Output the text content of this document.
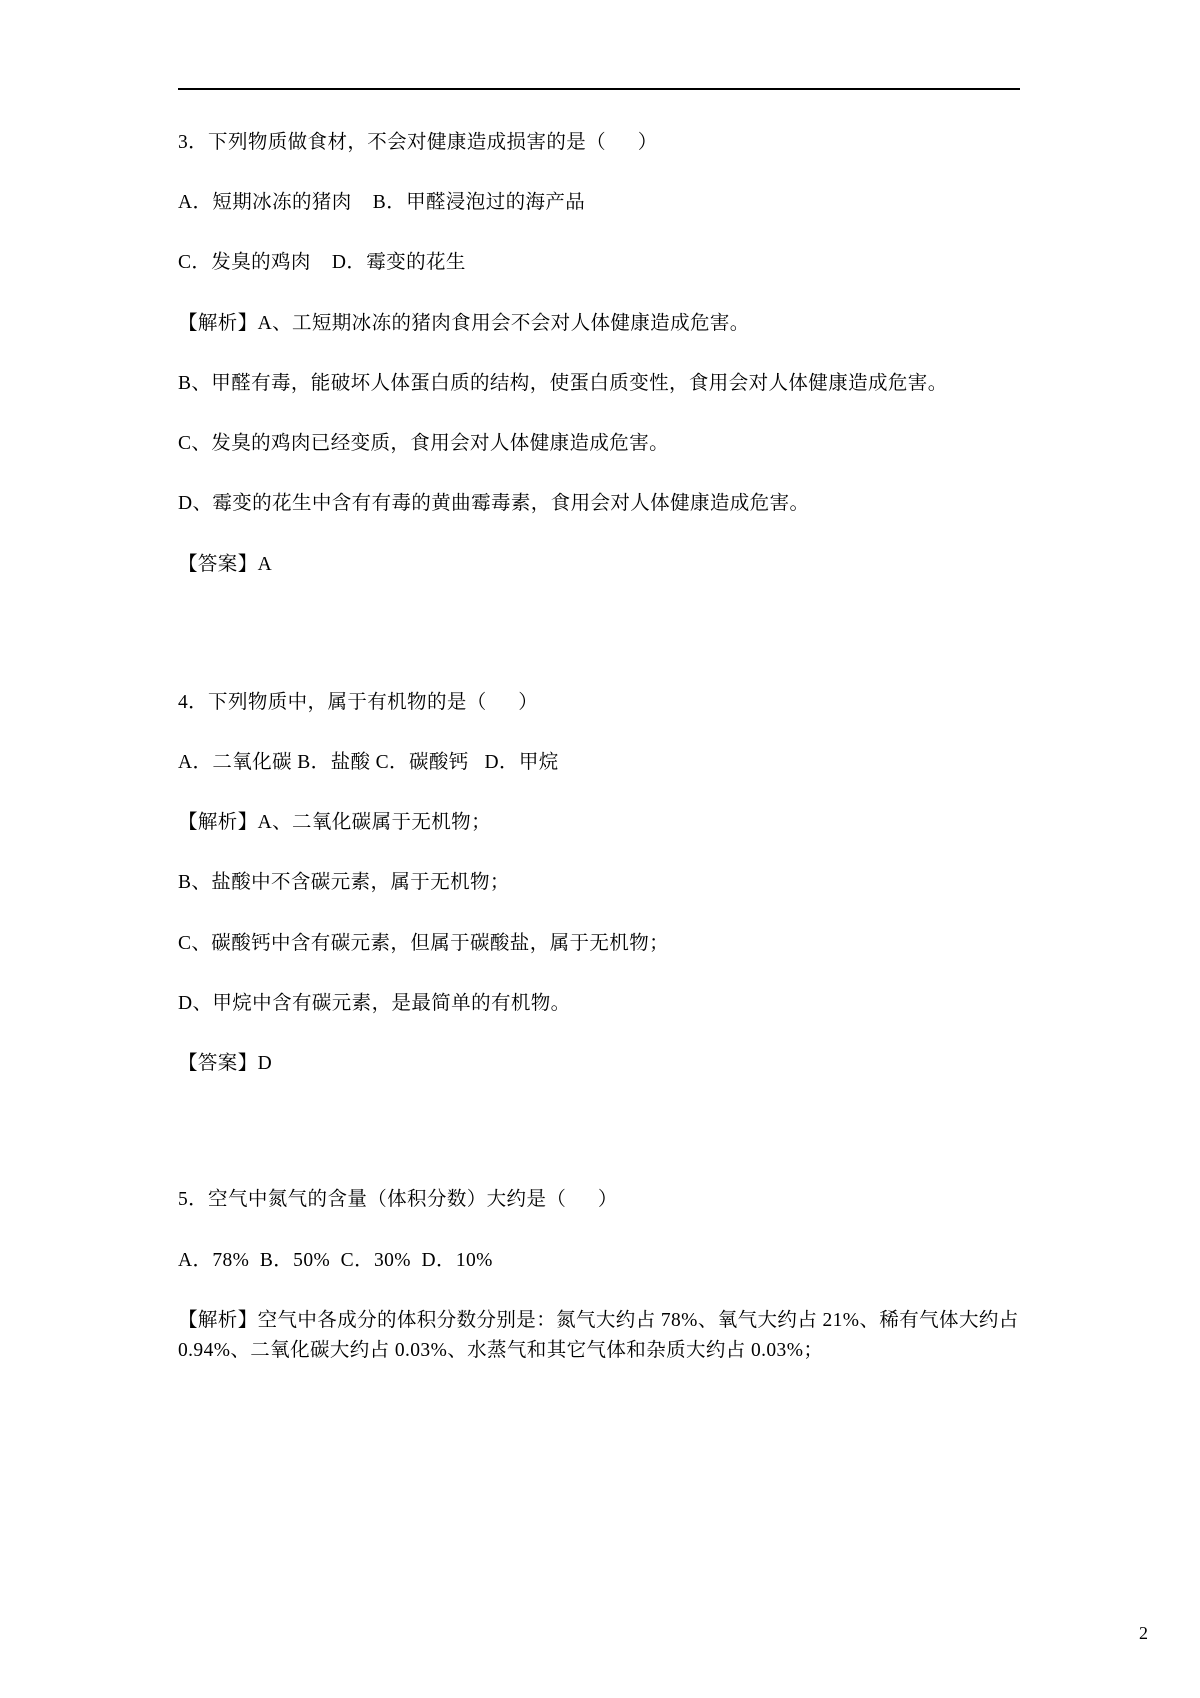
3．下列物质做食材，不会对健康造成损害的是（      ）

A．短期冰冻的猪肉    B．甲醛浸泡过的海产品

C．发臭的鸡肉    D．霉变的花生

【解析】A、工短期冰冻的猪肉食用会不会对人体健康造成危害。

B、甲醛有毒，能破坏人体蛋白质的结构，使蛋白质变性，食用会对人体健康造成危害。

C、发臭的鸡肉已经变质，食用会对人体健康造成危害。

D、霉变的花生中含有有毒的黄曲霉毒素，食用会对人体健康造成危害。

【答案】A

4．下列物质中，属于有机物的是（      ）

A．二氧化碳 B．盐酸 C．碳酸钙   D．甲烷

【解析】A、二氧化碳属于无机物；

B、盐酸中不含碳元素，属于无机物；

C、碳酸钙中含有碳元素，但属于碳酸盐，属于无机物；

D、甲烷中含有碳元素，是最简单的有机物。

【答案】D

5．空气中氮气的含量（体积分数）大约是（      ）

A．78%  B．50%  C．30%  D．10%

【解析】空气中各成分的体积分数分别是：氮气大约占 78%、氧气大约占 21%、稀有气体大约占 0.94%、二氧化碳大约占 0.03%、水蒸气和其它气体和杂质大约占 0.03%；

2
